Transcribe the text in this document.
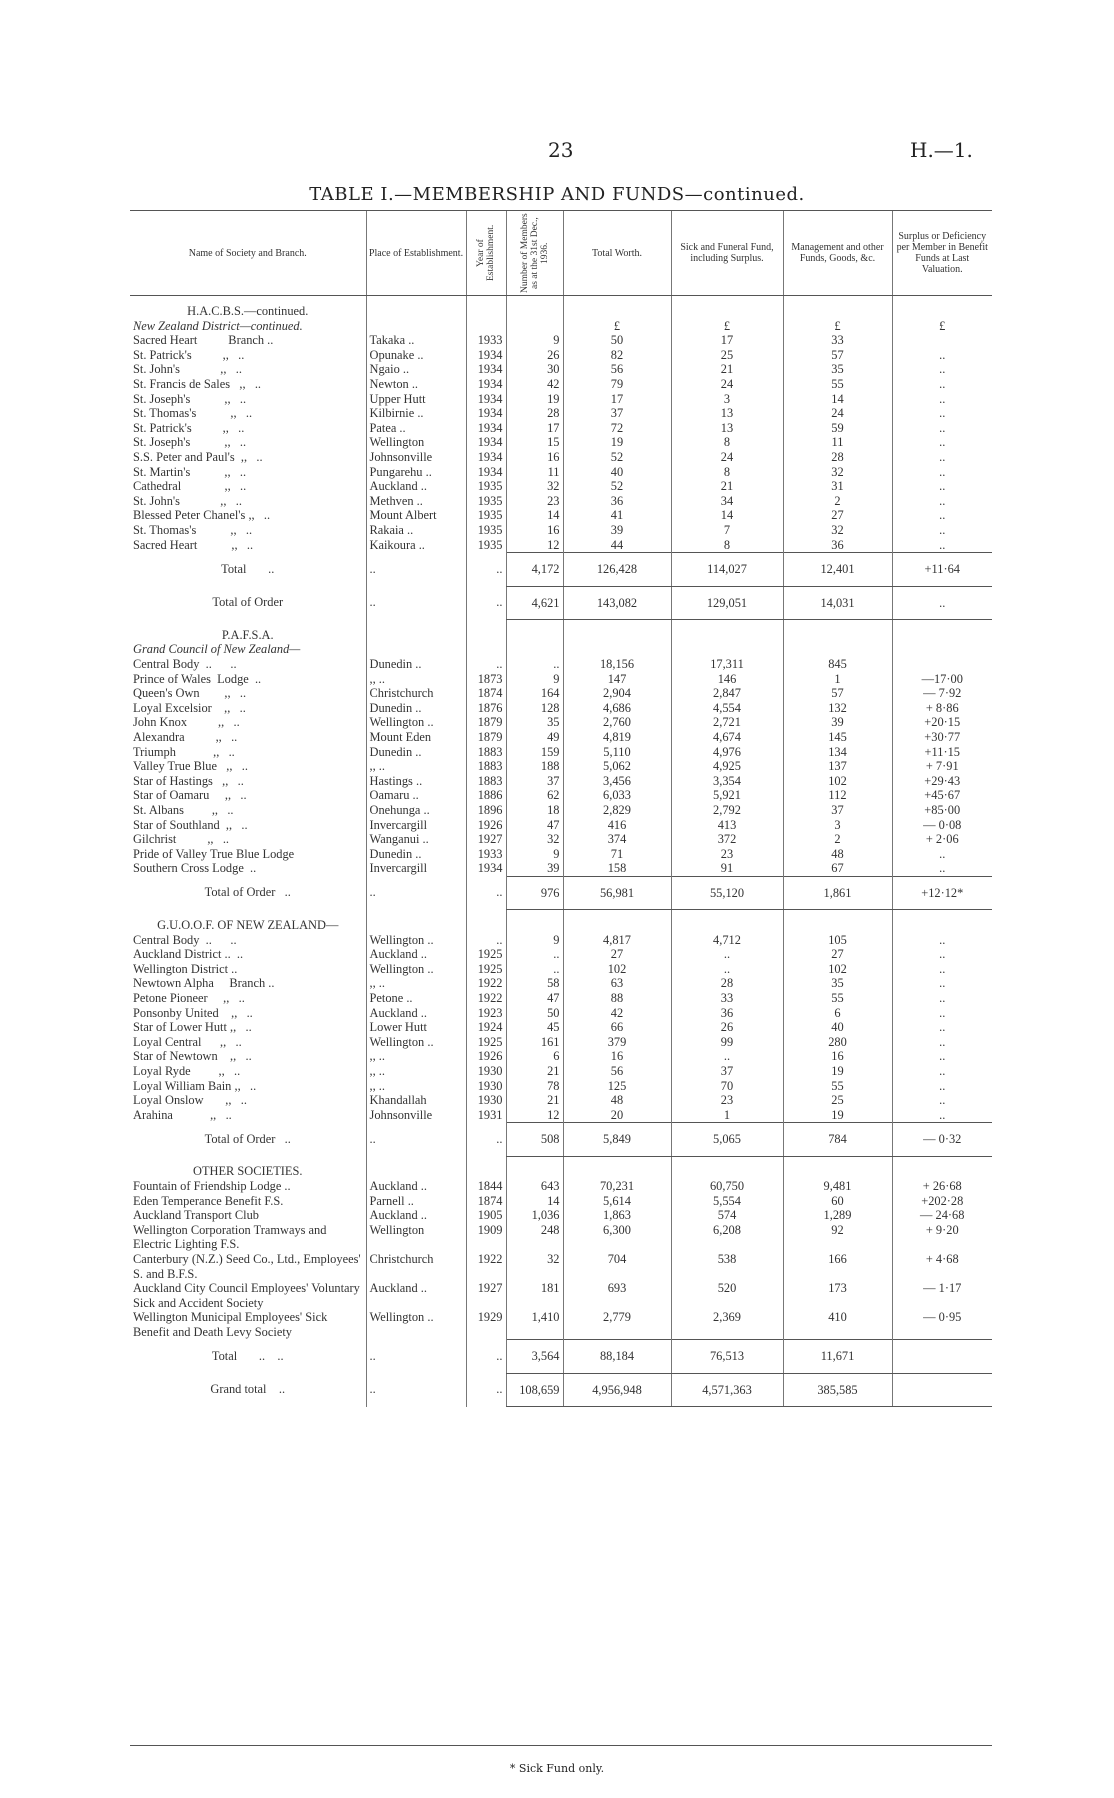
23	H.—1.
TABLE I.—MEMBERSHIP AND FUNDS—continued.
Name of Society and Branch.	Place of Establishment.	Year of Establishment.	Number of Members as at the 31st Dec., 1936.	Total Worth.	Sick and Funeral Fund, including Surplus.	Management and other Funds, Goods, &c.	Surplus or Deficiency per Member in Benefit Funds at Last Valuation.
H.A.C.B.S.—continued.							
New Zealand District—continued.				£	£	£	£
Sacred Heart          Branch ..	Takaka ..	1933	9	50	17	33	
St. Patrick's          ,,   ..	Opunake ..	1934	26	82	25	57	..
St. John's             ,,   ..	Ngaio ..	1934	30	56	21	35	..
St. Francis de Sales   ,,   ..	Newton ..	1934	42	79	24	55	..
St. Joseph's           ,,   ..	Upper Hutt	1934	19	17	3	14	..
St. Thomas's           ,,   ..	Kilbirnie ..	1934	28	37	13	24	..
St. Patrick's          ,,   ..	Patea ..	1934	17	72	13	59	..
St. Joseph's           ,,   ..	Wellington	1934	15	19	8	11	..
S.S. Peter and Paul's  ,,   ..	Johnsonville	1934	16	52	24	28	..
St. Martin's           ,,   ..	Pungarehu ..	1934	11	40	8	32	..
Cathedral              ,,   ..	Auckland ..	1935	32	52	21	31	..
St. John's             ,,   ..	Methven ..	1935	23	36	34	2	..
Blessed Peter Chanel's ,,   ..	Mount Albert	1935	14	41	14	27	..
St. Thomas's           ,,   ..	Rakaia ..	1935	16	39	7	32	..
Sacred Heart           ,,   ..	Kaikoura ..	1935	12	44	8	36	..
Total       ..	..	..	4,172	126,428	114,027	12,401	+11·64
Total of Order	..	..	4,621	143,082	129,051	14,031	..
P.A.F.S.A.							
Grand Council of New Zealand—							
Central Body  ..      ..	Dunedin ..	..	..	18,156	17,311	845	
Prince of Wales  Lodge  ..	,, ..	1873	9	147	146	1	—17·00
Queen's Own        ,,   ..	Christchurch	1874	164	2,904	2,847	57	— 7·92
Loyal Excelsior    ,,   ..	Dunedin ..	1876	128	4,686	4,554	132	+ 8·86
John Knox          ,,   ..	Wellington ..	1879	35	2,760	2,721	39	+20·15
Alexandra          ,,   ..	Mount Eden	1879	49	4,819	4,674	145	+30·77
Triumph            ,,   ..	Dunedin ..	1883	159	5,110	4,976	134	+11·15
Valley True Blue   ,,   ..	,, ..	1883	188	5,062	4,925	137	+ 7·91
Star of Hastings   ,,   ..	Hastings ..	1883	37	3,456	3,354	102	+29·43
Star of Oamaru     ,,   ..	Oamaru ..	1886	62	6,033	5,921	112	+45·67
St. Albans         ,,   ..	Onehunga ..	1896	18	2,829	2,792	37	+85·00
Star of Southland  ,,   ..	Invercargill	1926	47	416	413	3	— 0·08
Gilchrist          ,,   ..	Wanganui ..	1927	32	374	372	2	+ 2·06
Pride of Valley True Blue Lodge	Dunedin ..	1933	9	71	23	48	..
Southern Cross Lodge  ..	Invercargill	1934	39	158	91	67	..
Total of Order   ..	..	..	976	56,981	55,120	1,861	+12·12*
G.U.O.O.F. OF NEW ZEALAND—							
Central Body  ..      ..	Wellington ..	..	9	4,817	4,712	105	..
Auckland District ..  ..	Auckland ..	1925	..	27	..	27	..
Wellington District ..	Wellington ..	1925	..	102	..	102	..
Newtown Alpha     Branch ..	,, ..	1922	58	63	28	35	..
Petone Pioneer     ,,   ..	Petone ..	1922	47	88	33	55	..
Ponsonby United    ,,   ..	Auckland ..	1923	50	42	36	6	..
Star of Lower Hutt ,,   ..	Lower Hutt	1924	45	66	26	40	..
Loyal Central      ,,   ..	Wellington ..	1925	161	379	99	280	..
Star of Newtown    ,,   ..	,, ..	1926	6	16	..	16	..
Loyal Ryde         ,,   ..	,, ..	1930	21	56	37	19	..
Loyal William Bain ,,   ..	,, ..	1930	78	125	70	55	..
Loyal Onslow       ,,   ..	Khandallah	1930	21	48	23	25	..
Arahina            ,,   ..	Johnsonville	1931	12	20	1	19	..
Total of Order   ..	..	..	508	5,849	5,065	784	— 0·32
OTHER SOCIETIES.							
Fountain of Friendship Lodge ..	Auckland ..	1844	643	70,231	60,750	9,481	+ 26·68
Eden Temperance Benefit F.S.	Parnell ..	1874	14	5,614	5,554	60	+202·28
Auckland Transport Club	Auckland ..	1905	1,036	1,863	574	1,289	— 24·68
Wellington Corporation Tramways and Electric Lighting F.S.	Wellington	1909	248	6,300	6,208	92	+ 9·20
Canterbury (N.Z.) Seed Co., Ltd., Employees' S. and B.F.S.	Christchurch	1922	32	704	538	166	+ 4·68
Auckland City Council Employees' Voluntary Sick and Accident Society	Auckland ..	1927	181	693	520	173	— 1·17
Wellington Municipal Employees' Sick Benefit and Death Levy Society	Wellington ..	1929	1,410	2,779	2,369	410	— 0·95
Total       ..    ..	..	..	3,564	88,184	76,513	11,671	
Grand total    ..	..	..	108,659	4,956,948	4,571,363	385,585	
* Sick Fund only.
